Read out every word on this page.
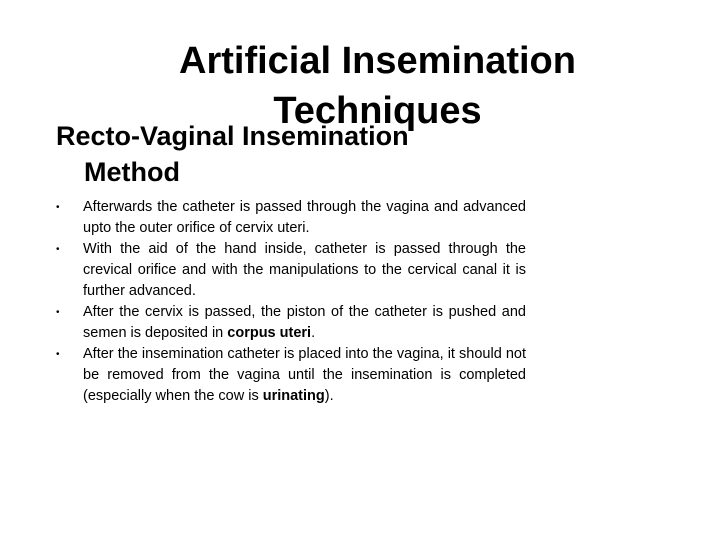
Artificial Insemination Techniques
Recto-Vaginal Insemination
Method
• Afterwards the catheter is passed through the vagina and advanced upto the outer orifice of cervix uteri.
• With the aid of the hand inside, catheter is passed through the crevical orifice and with the manipulations to the cervical canal it is further advanced.
• After the cervix is passed, the piston of the catheter is pushed and semen is deposited in corpus uteri.
• After the insemination catheter is placed into the vagina, it should not be removed from the vagina until the insemination is completed (especially when the cow is urinating).
